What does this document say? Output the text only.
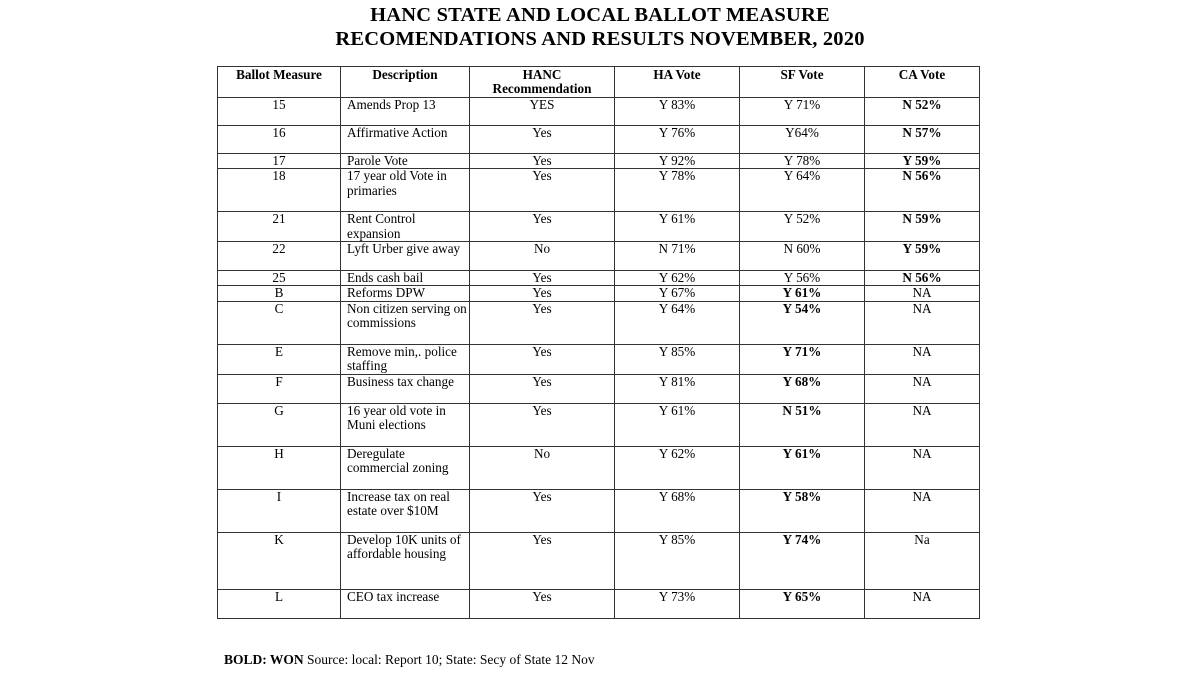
HANC STATE AND LOCAL BALLOT MEASURE
RECOMENDATIONS AND RESULTS NOVEMBER, 2020
Ballot Measure	Description	HANC Recommendation	HA Vote	SF Vote	CA Vote
15	Amends Prop 13	YES	Y 83%	Y 71%	N 52%
16	Affirmative Action	Yes	Y 76%	Y64%	N 57%
17	Parole Vote	Yes	Y 92%	Y 78%	Y 59%
18	17 year old Vote in primaries	Yes	Y 78%	Y 64%	N 56%
21	Rent Control expansion	Yes	Y 61%	Y 52%	N 59%
22	Lyft Urber give away	No	N 71%	N 60%	Y 59%
25	Ends cash bail	Yes	Y 62%	Y 56%	N 56%
B	Reforms DPW	Yes	Y 67%	Y 61%	NA
C	Non citizen serving on commissions	Yes	Y 64%	Y 54%	NA
E	Remove min,. police staffing	Yes	Y 85%	Y 71%	NA
F	Business tax change	Yes	Y 81%	Y 68%	NA
G	16 year old vote in Muni elections	Yes	Y 61%	N 51%	NA
H	Deregulate commercial zoning	No	Y 62%	Y 61%	NA
I	Increase tax on real estate over $10M	Yes	Y 68%	Y 58%	NA
K	Develop 10K units of affordable housing	Yes	Y 85%	Y 74%	Na
L	CEO tax increase	Yes	Y 73%	Y 65%	NA
BOLD: WON Source: local: Report 10; State: Secy of State 12 Nov
